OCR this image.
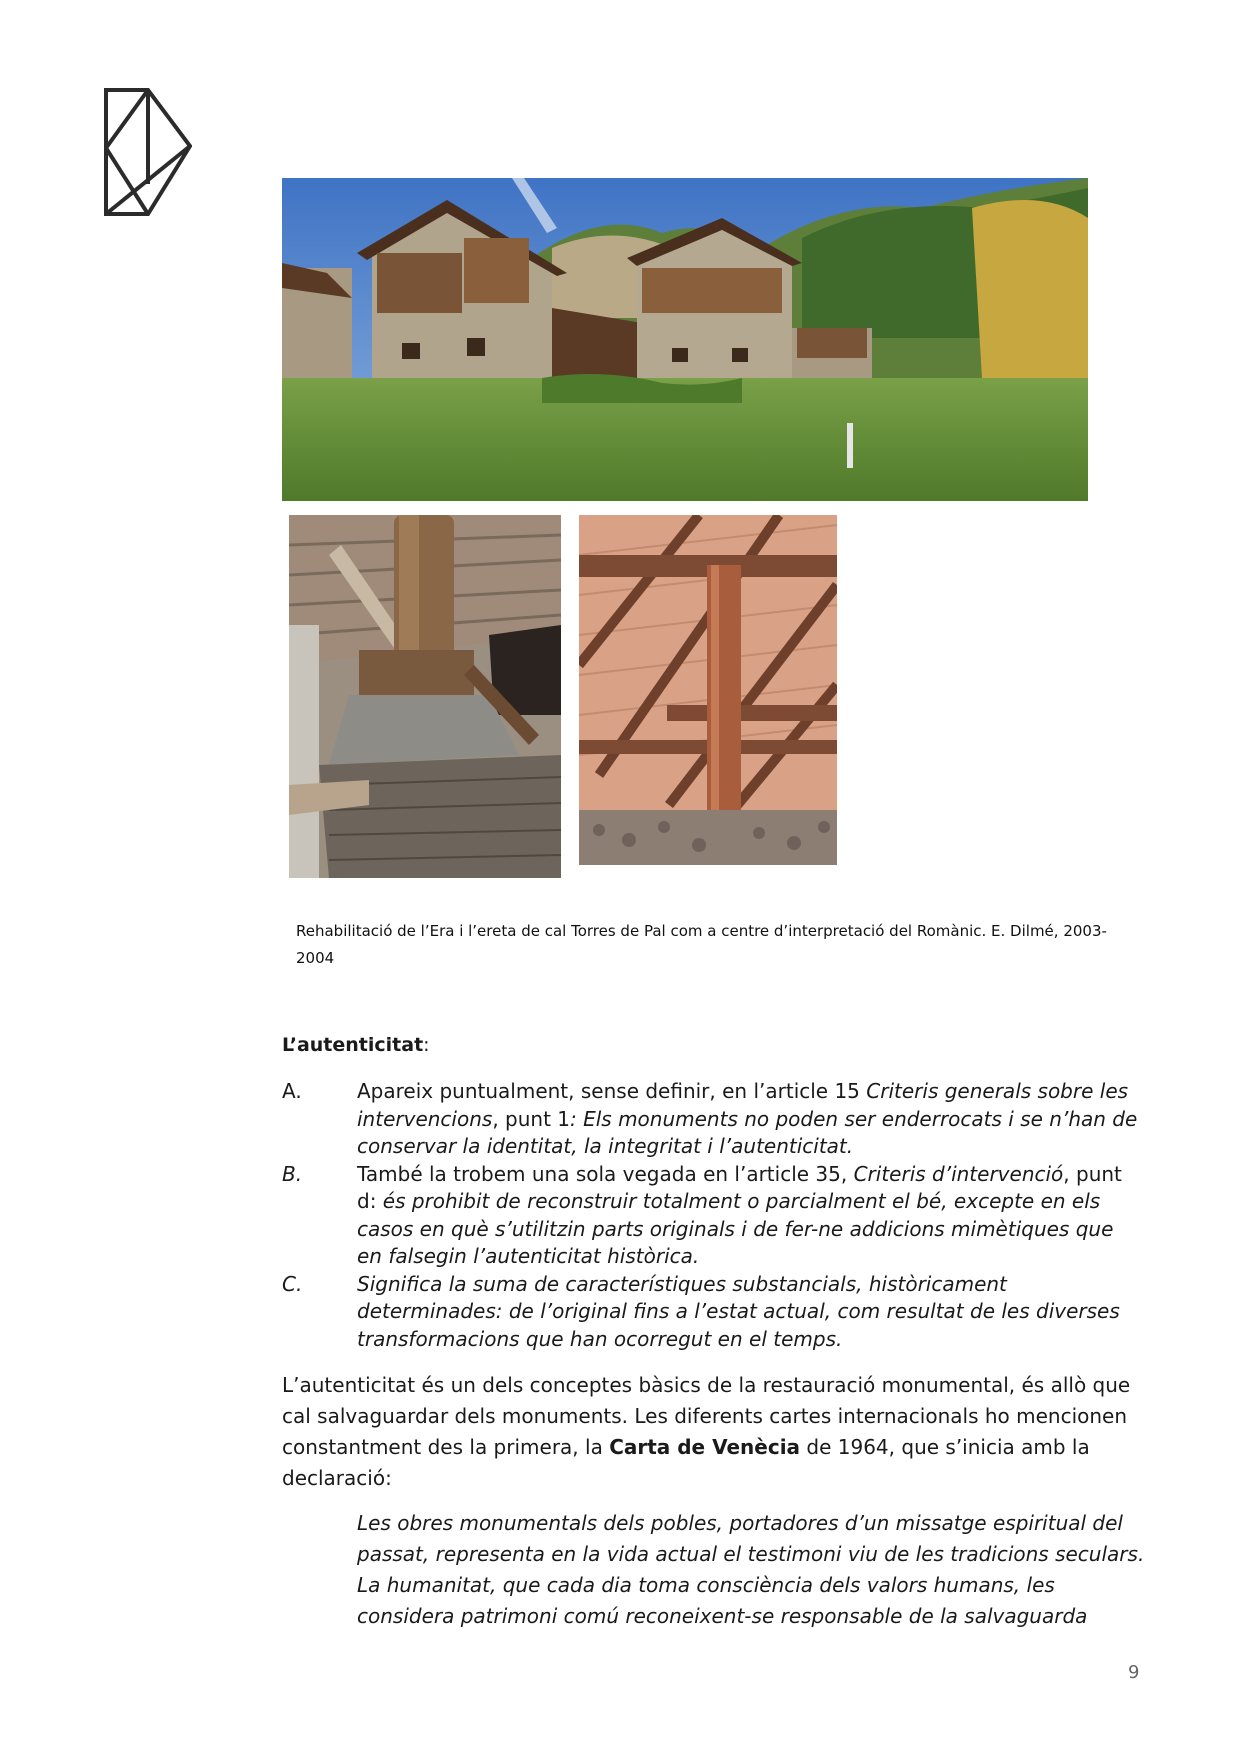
Rehabilitació de l’Era i l’ereta de cal Torres de Pal com a centre d’interpretació del Romànic. E. Dilmé, 2003-2004
L’autenticitat:
A.	Apareix puntualment, sense definir, en l’article 15 Criteris generals sobre les intervencions, punt 1: Els monuments no poden ser enderrocats i se n’han de conservar la identitat, la integritat i l’autenticitat.
B.	També la trobem una sola vegada en l’article 35, Criteris d’intervenció, punt d: és prohibit de reconstruir totalment o parcialment el bé, excepte en els casos en què s’utilitzin parts originals i de fer-ne addicions mimètiques que en falsegin l’autenticitat històrica.
C.	Significa la suma de característiques substancials, històricament determinades: de l’original fins a l’estat actual, com resultat de les diverses transformacions que han ocorregut en el temps.
L’autenticitat és un dels conceptes bàsics de la restauració monumental, és allò que cal salvaguardar dels monuments. Les diferents cartes internacionals ho mencionen constantment des la primera, la Carta de Venècia de 1964, que s’inicia amb la declaració:
Les obres monumentals dels pobles, portadores d’un missatge espiritual del passat, representa en la vida actual el testimoni viu de les tradicions seculars. La humanitat, que cada dia toma consciència dels valors humans, les considera patrimoni comú reconeixent-se responsable de la salvaguarda
9
